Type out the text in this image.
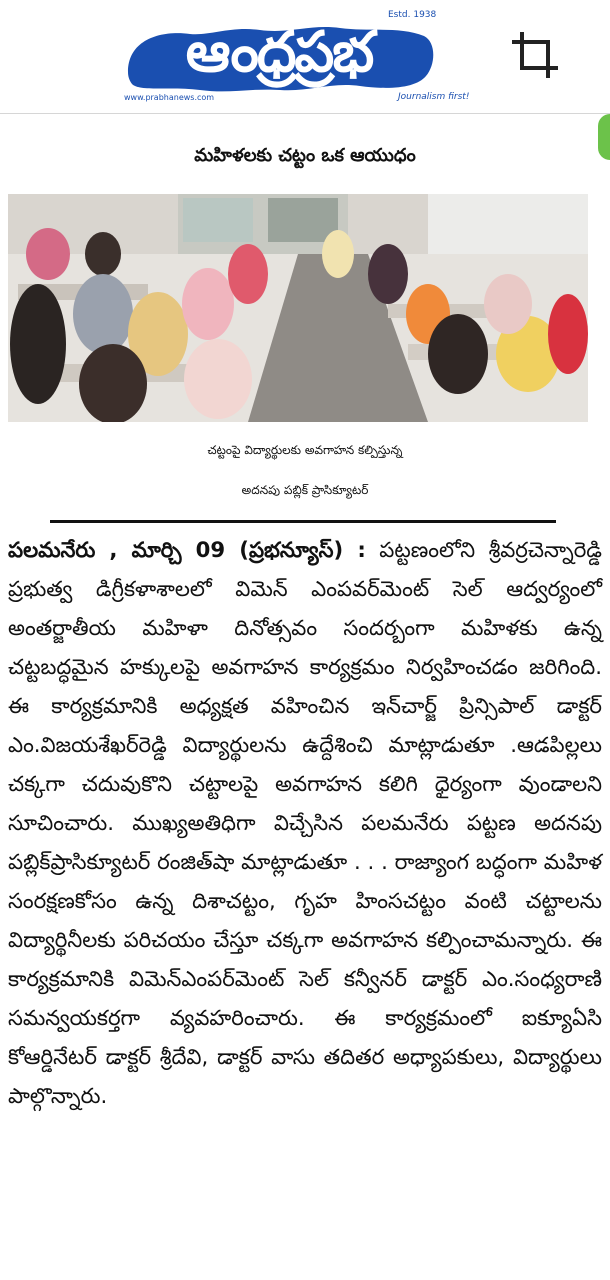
Estd. 1938
ఆంధ్రప్రభ
www.prabhanews.com	Journalism first!
మహిళలకు చట్టం ఒక ఆయుధం
చట్టంపై విద్యార్థులకు అవగాహన కల్పిస్తున్న
అదనపు పబ్లిక్ ప్రాసిక్యూటర్
పలమనేరు , మార్చి 09 (ప్రభన్యూస్) : పట్టణంలోని శ్రీవర్రచెన్నారెడ్డి ప్రభుత్వ డిగ్రీకళాశాలలో విమెన్ ఎంపవర్‌మెంట్ సెల్ ఆద్వర్యంలో అంతర్జాతీయ మహిళా దినోత్సవం సందర్బంగా మహిళకు ఉన్న చట్టబద్ధమైన హక్కులపై అవగాహన కార్యక్రమం నిర్వహించడం జరిగింది. ఈ కార్యక్రమానికి అధ్యక్షత వహించిన ఇన్‌చార్జ్ ప్రిన్సిపాల్ డాక్టర్ ఎం.విజయశేఖర్‌రెడ్డి విద్యార్థులను ఉద్దేశించి మాట్లాడుతూ .ఆడపిల్లలు చక్కగా చదువుకొని చట్టాలపై అవగాహన కలిగి ధైర్యంగా వుండాలని సూచించారు. ముఖ్యఅతిధిగా విచ్చేసిన పలమనేరు పట్టణ అదనపు పబ్లిక్‌ప్రాసిక్యూటర్ రంజిత్‌షా మాట్లాడుతూ . . . రాజ్యాంగ బద్ధంగా మహిళ సంరక్షణకోసం ఉన్న దిశాచట్టం, గృహ హింసచట్టం వంటి చట్టాలను విద్యార్థినీలకు పరిచయం చేస్తూ చక్కగా అవగాహన కల్పించామన్నారు. ఈ కార్యక్రమానికి విమెన్‌ఎంపర్‌మెంట్ సెల్ కన్వీనర్ డాక్టర్ ఎం.సంధ్యరాణి సమన్వయకర్తగా వ్యవహరించారు. ఈ కార్యక్రమంలో ఐక్యూఏసి కోఆర్డినేటర్ డాక్టర్ శ్రీదేవి, డాక్టర్ వాసు తదితర అధ్యాపకులు, విద్యార్థులు పాల్గొన్నారు.
